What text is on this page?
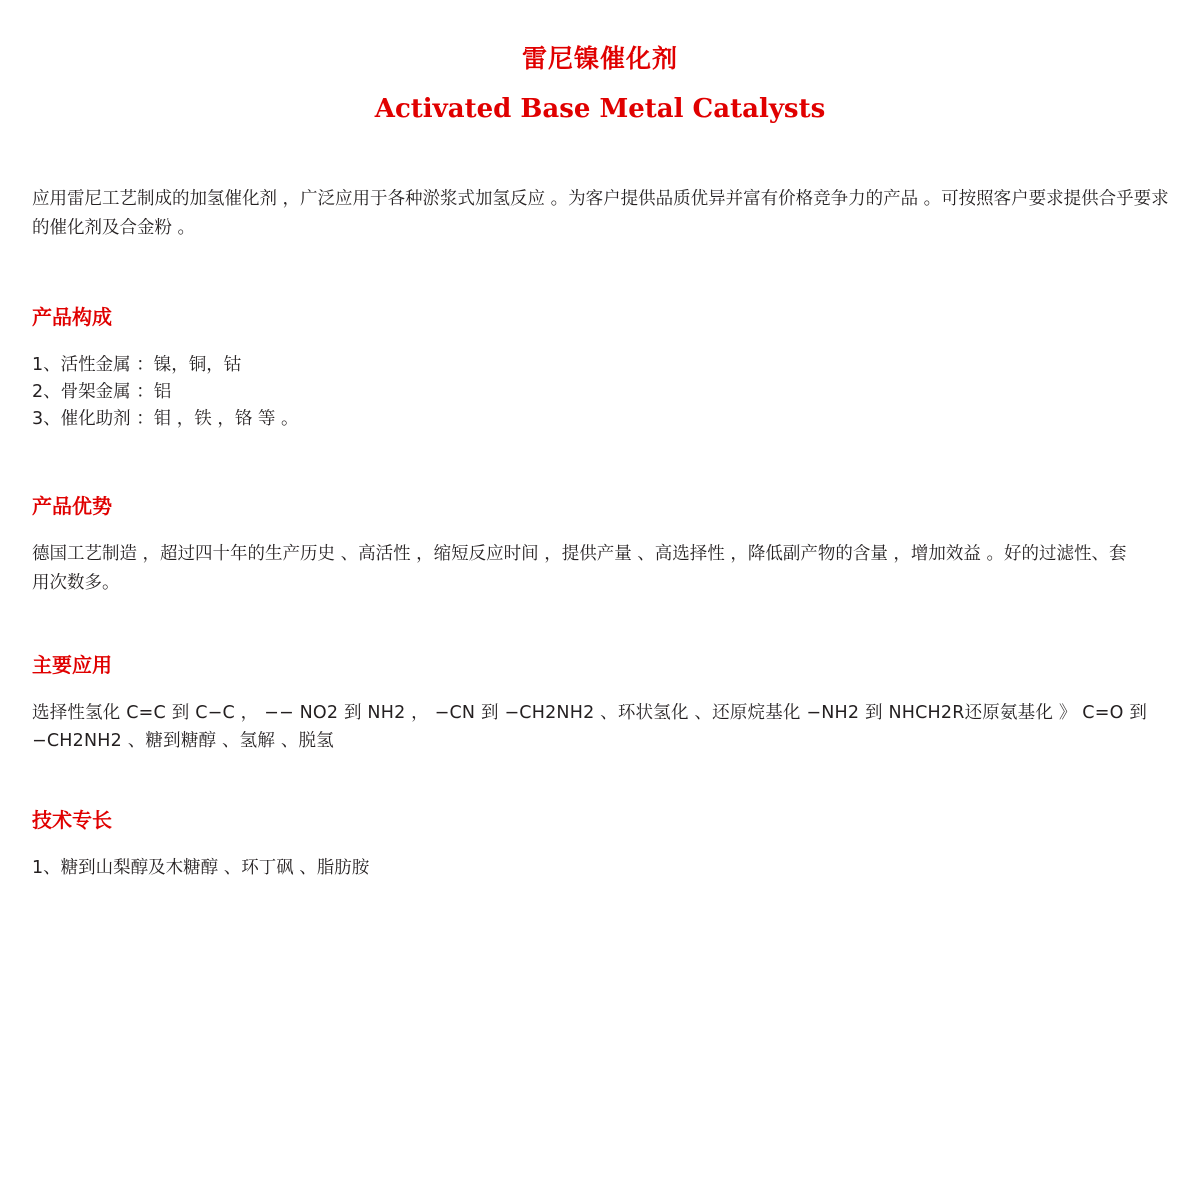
雷尼镍催化剂
Activated Base Metal Catalysts

应用雷尼工艺制成的加氢催化剂 ，广泛应用于各种淤浆式加氢反应 。为客户提供品质优异并富有价格竞争力的产品 。可按照客户要求提供合乎要求的催化剂及合金粉 。

产品构成
1、活性金属 ：镍，铜，钴
2、骨架金属 ：铝
3、催化助剂 ：钼 ，铁 ，铬 等 。
产品优势

德国工艺制造 ，超过四十年的生产历史 、高活性 ，缩短反应时间 ，提供产量 、高选择性 ，降低副产物的含量 ，增加效益 。好的过滤性、套用次数多。

主要应用

选择性氢化 C=C 到 C−C ， −− NO2 到 NH2 ， −CN 到 −CH2NH2 、环状氢化 、还原烷基化 −NH2 到 NHCH2R还原氨基化 》 C=O 到 −CH2NH2 、糖到糖醇 、氢解 、脱氢

技术专长
1、糖到山梨醇及木糖醇 、环丁砜 、脂肪胺
